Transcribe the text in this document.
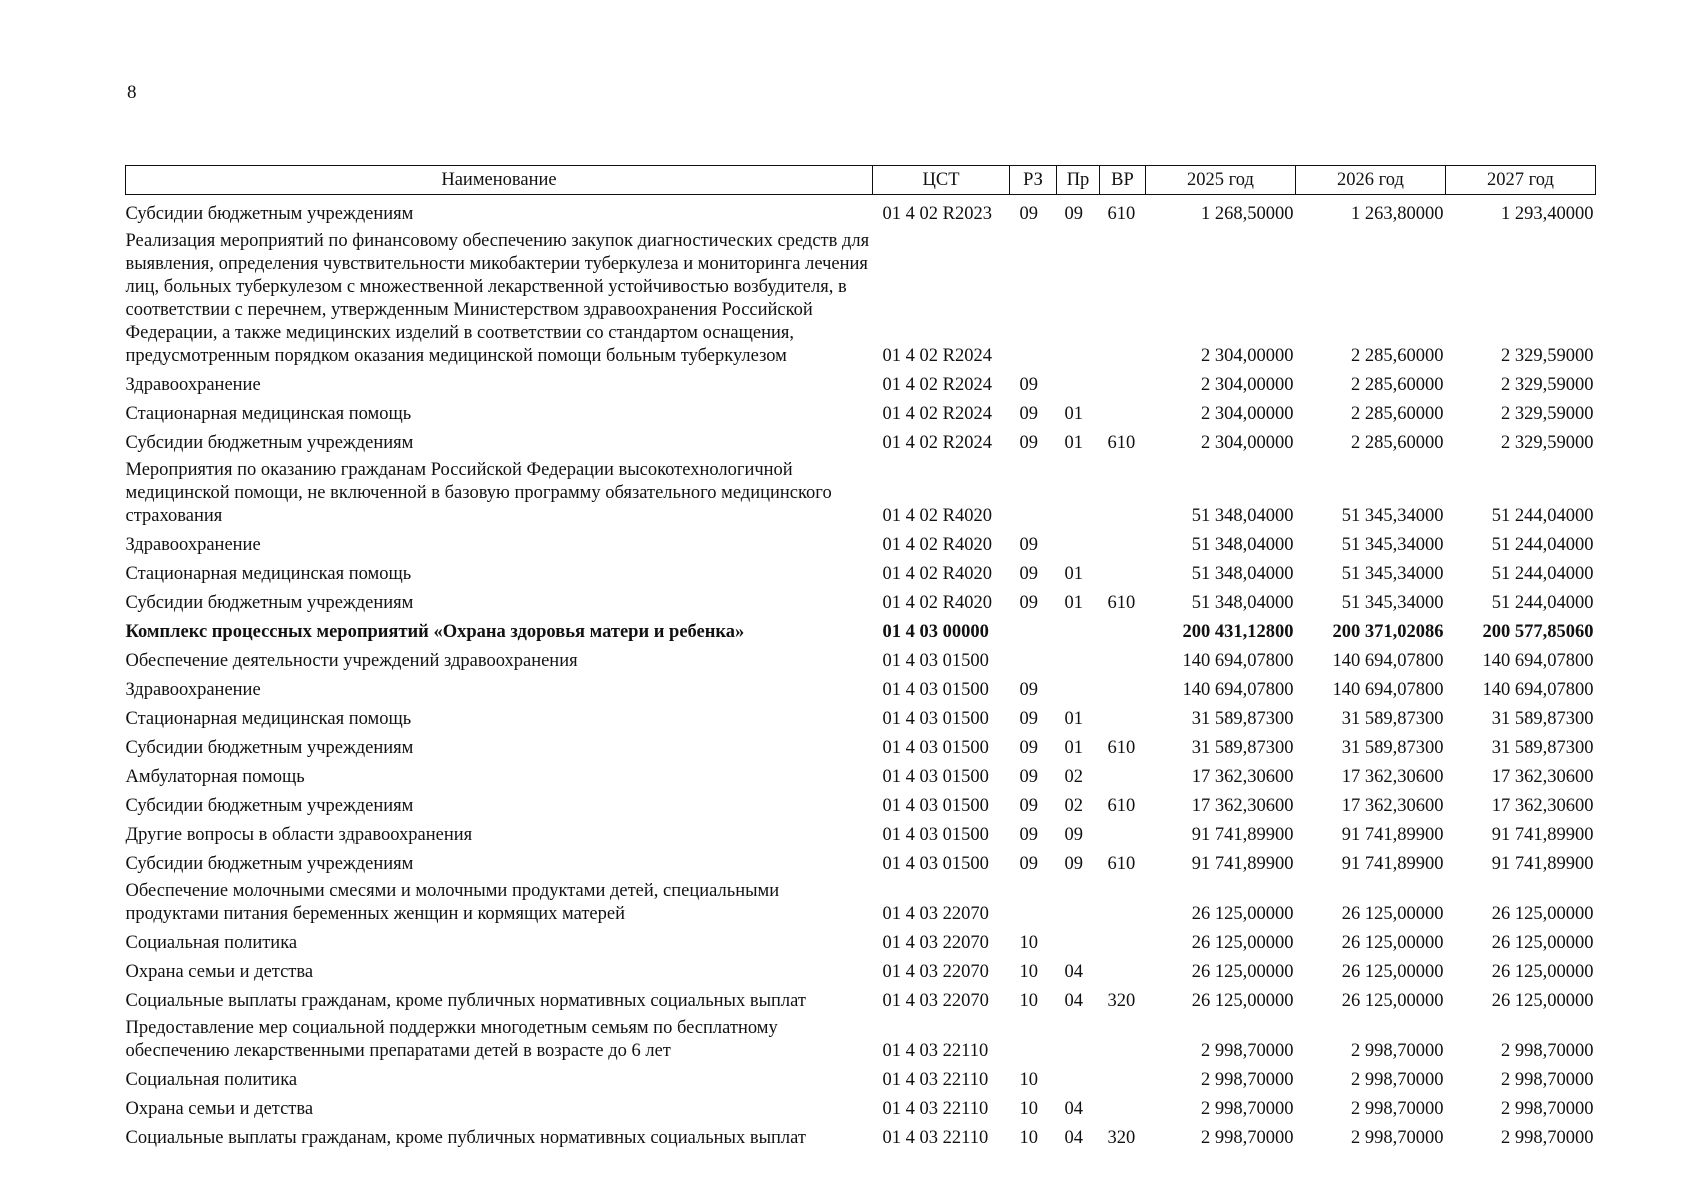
8
Наименование	ЦСТ	РЗ	Пр	ВР	2025 год	2026 год	2027 год
Субсидии бюджетным учреждениям	01 4 02 R2023	09	09	610	1 268,50000	1 263,80000	1 293,40000
Реализация мероприятий по финансовому обеспечению закупок диагностических средств для выявления, определения чувствительности микобактерии туберкулеза и мониторинга лечения лиц, больных туберкулезом с множественной лекарственной устойчивостью возбудителя, в соответствии с перечнем, утвержденным Министерством здравоохранения Российской Федерации, а также медицинских изделий в соответствии со стандартом оснащения, предусмотренным порядком оказания медицинской помощи больным туберкулезом	01 4 02 R2024				2 304,00000	2 285,60000	2 329,59000
Здравоохранение	01 4 02 R2024	09			2 304,00000	2 285,60000	2 329,59000
Стационарная медицинская помощь	01 4 02 R2024	09	01		2 304,00000	2 285,60000	2 329,59000
Субсидии бюджетным учреждениям	01 4 02 R2024	09	01	610	2 304,00000	2 285,60000	2 329,59000
Мероприятия по оказанию гражданам Российской Федерации высокотехнологичной медицинской помощи, не включенной в базовую программу обязательного медицинского страхования	01 4 02 R4020				51 348,04000	51 345,34000	51 244,04000
Здравоохранение	01 4 02 R4020	09			51 348,04000	51 345,34000	51 244,04000
Стационарная медицинская помощь	01 4 02 R4020	09	01		51 348,04000	51 345,34000	51 244,04000
Субсидии бюджетным учреждениям	01 4 02 R4020	09	01	610	51 348,04000	51 345,34000	51 244,04000
Комплекс процессных мероприятий «Охрана здоровья матери и ребенка»	01 4 03 00000				200 431,12800	200 371,02086	200 577,85060
Обеспечение деятельности учреждений здравоохранения	01 4 03 01500				140 694,07800	140 694,07800	140 694,07800
Здравоохранение	01 4 03 01500	09			140 694,07800	140 694,07800	140 694,07800
Стационарная медицинская помощь	01 4 03 01500	09	01		31 589,87300	31 589,87300	31 589,87300
Субсидии бюджетным учреждениям	01 4 03 01500	09	01	610	31 589,87300	31 589,87300	31 589,87300
Амбулаторная помощь	01 4 03 01500	09	02		17 362,30600	17 362,30600	17 362,30600
Субсидии бюджетным учреждениям	01 4 03 01500	09	02	610	17 362,30600	17 362,30600	17 362,30600
Другие вопросы в области здравоохранения	01 4 03 01500	09	09		91 741,89900	91 741,89900	91 741,89900
Субсидии бюджетным учреждениям	01 4 03 01500	09	09	610	91 741,89900	91 741,89900	91 741,89900
Обеспечение молочными смесями и молочными продуктами детей, специальными продуктами питания беременных женщин и кормящих матерей	01 4 03 22070				26 125,00000	26 125,00000	26 125,00000
Социальная политика	01 4 03 22070	10			26 125,00000	26 125,00000	26 125,00000
Охрана семьи и детства	01 4 03 22070	10	04		26 125,00000	26 125,00000	26 125,00000
Социальные выплаты гражданам, кроме публичных нормативных социальных выплат	01 4 03 22070	10	04	320	26 125,00000	26 125,00000	26 125,00000
Предоставление мер социальной поддержки многодетным семьям по бесплатному обеспечению лекарственными препаратами детей в возрасте до 6 лет	01 4 03 22110				2 998,70000	2 998,70000	2 998,70000
Социальная политика	01 4 03 22110	10			2 998,70000	2 998,70000	2 998,70000
Охрана семьи и детства	01 4 03 22110	10	04		2 998,70000	2 998,70000	2 998,70000
Социальные выплаты гражданам, кроме публичных нормативных социальных выплат	01 4 03 22110	10	04	320	2 998,70000	2 998,70000	2 998,70000
